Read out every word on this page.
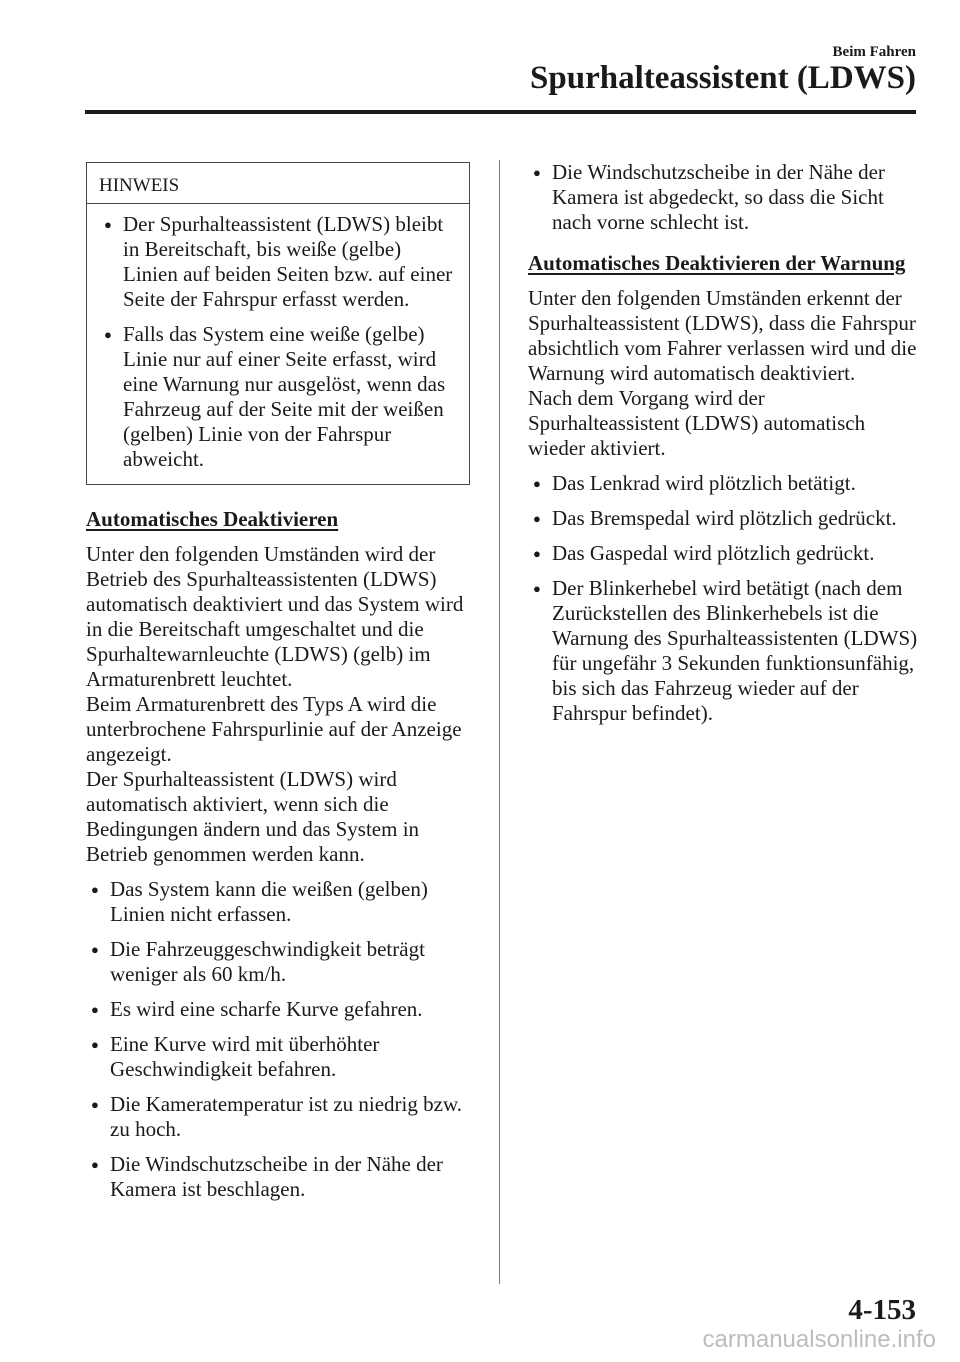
Beim Fahren
Spurhalteassistent (LDWS)
HINWEIS
● Der Spurhalteassistent (LDWS) bleibt in Bereitschaft, bis weiße (gelbe) Linien auf beiden Seiten bzw. auf einer Seite der Fahrspur erfasst werden.
● Falls das System eine weiße (gelbe) Linie nur auf einer Seite erfasst, wird eine Warnung nur ausgelöst, wenn das Fahrzeug auf der Seite mit der weißen (gelben) Linie von der Fahrspur abweicht.
Automatisches Deaktivieren
Unter den folgenden Umständen wird der Betrieb des Spurhalteassistenten (LDWS) automatisch deaktiviert und das System wird in die Bereitschaft umgeschaltet und die Spurhaltewarnleuchte (LDWS) (gelb) im Armaturenbrett leuchtet.
Beim Armaturenbrett des Typs A wird die unterbrochene Fahrspurlinie auf der Anzeige angezeigt.
Der Spurhalteassistent (LDWS) wird automatisch aktiviert, wenn sich die Bedingungen ändern und das System in Betrieb genommen werden kann.
● Das System kann die weißen (gelben) Linien nicht erfassen.
● Die Fahrzeuggeschwindigkeit beträgt weniger als 60 km/h.
● Es wird eine scharfe Kurve gefahren.
● Eine Kurve wird mit überhöhter Geschwindigkeit befahren.
● Die Kameratemperatur ist zu niedrig bzw. zu hoch.
● Die Windschutzscheibe in der Nähe der Kamera ist beschlagen.
● Die Windschutzscheibe in der Nähe der Kamera ist abgedeckt, so dass die Sicht nach vorne schlecht ist.
Automatisches Deaktivieren der Warnung
Unter den folgenden Umständen erkennt der Spurhalteassistent (LDWS), dass die Fahrspur absichtlich vom Fahrer verlassen wird und die Warnung wird automatisch deaktiviert.
Nach dem Vorgang wird der Spurhalteassistent (LDWS) automatisch wieder aktiviert.
● Das Lenkrad wird plötzlich betätigt.
● Das Bremspedal wird plötzlich gedrückt.
● Das Gaspedal wird plötzlich gedrückt.
● Der Blinkerhebel wird betätigt (nach dem Zurückstellen des Blinkerhebels ist die Warnung des Spurhalteassistenten (LDWS) für ungefähr 3 Sekunden funktionsunfähig, bis sich das Fahrzeug wieder auf der Fahrspur befindet).
4-153
carmanualsonline.info
